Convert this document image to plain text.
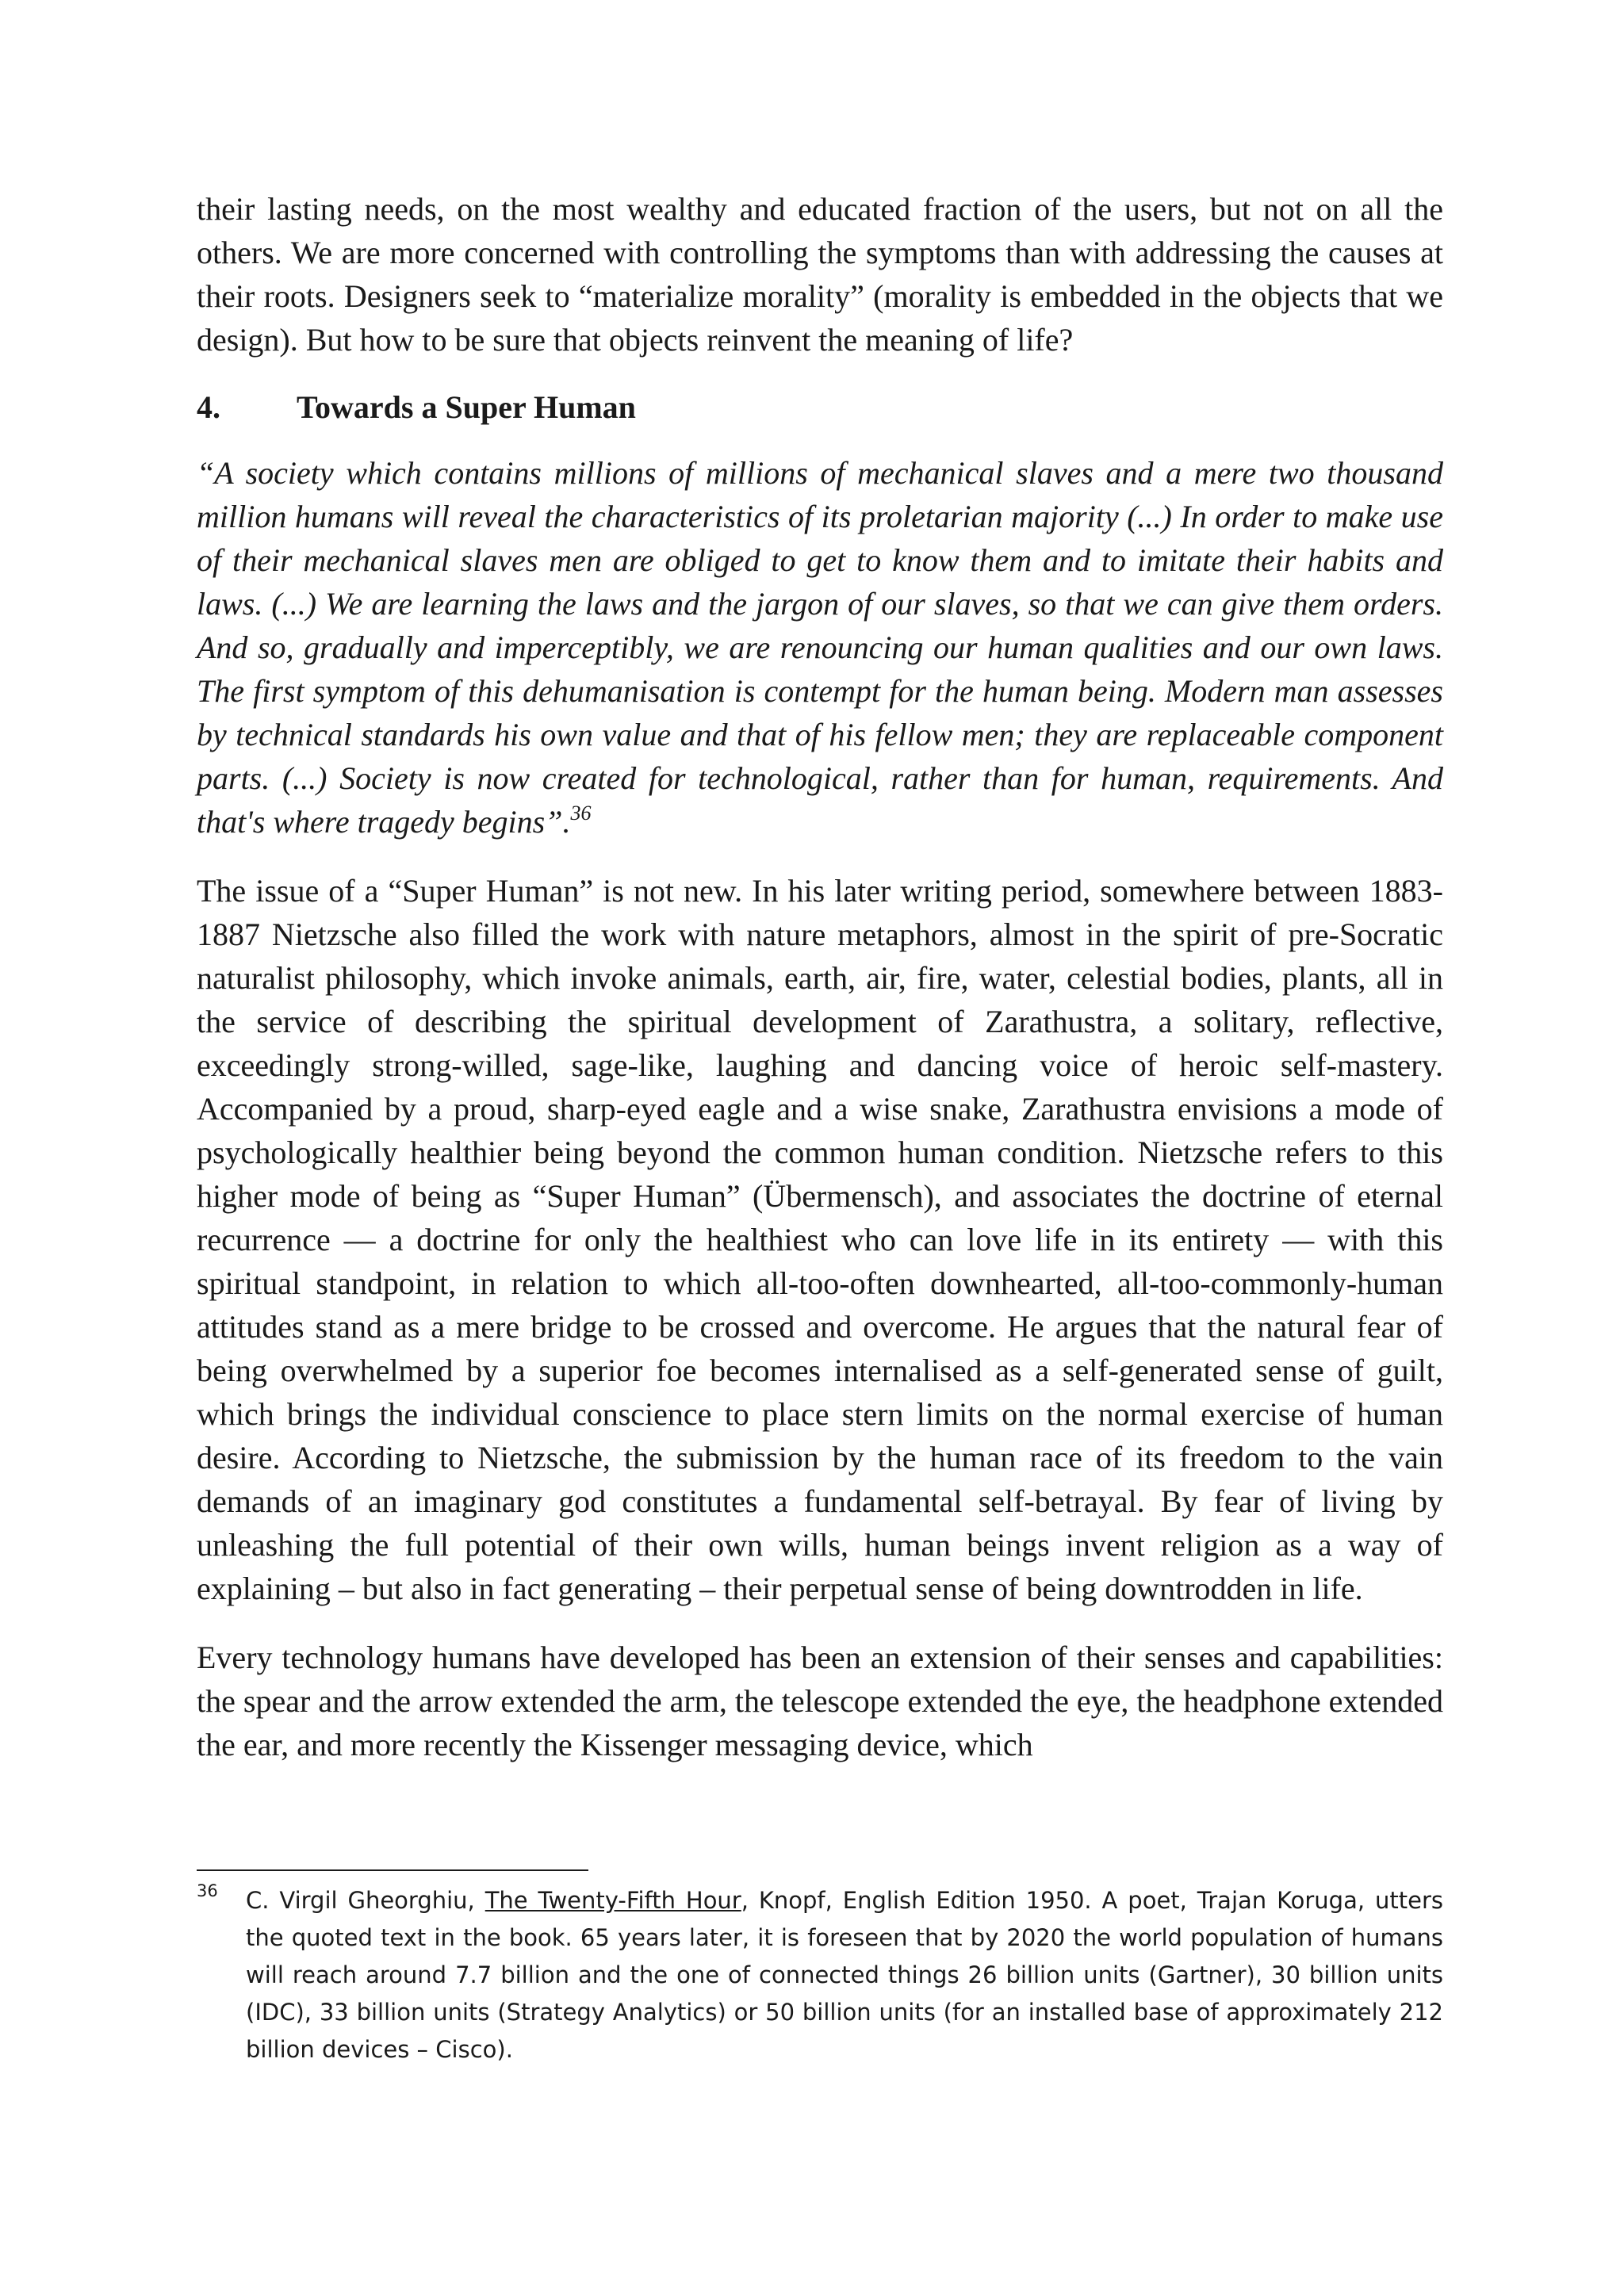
their lasting needs, on the most wealthy and educated fraction of the users, but not on all the others. We are more concerned with controlling the symptoms than with addressing the causes at their roots. Designers seek to “materialize morality” (morality is embedded in the objects that we design). But how to be sure that objects reinvent the meaning of life?

4. Towards a Super Human

“A society which contains millions of millions of mechanical slaves and a mere two thousand million humans will reveal the characteristics of its proletarian majority (...) In order to make use of their mechanical slaves men are obliged to get to know them and to imitate their habits and laws. (...) We are learning the laws and the jargon of our slaves, so that we can give them orders. And so, gradually and imperceptibly, we are renouncing our human qualities and our own laws. The first symptom of this dehumanisation is contempt for the human being. Modern man assesses by technical standards his own value and that of his fellow men; they are replaceable component parts. (...) Society is now created for technological, rather than for human, requirements. And that's where tragedy begins”.$^{36}$

The issue of a “Super Human” is not new. In his later writing period, somewhere between 1883-1887 Nietzsche also filled the work with nature metaphors, almost in the spirit of pre-Socratic naturalist philosophy, which invoke animals, earth, air, fire, water, celestial bodies, plants, all in the service of describing the spiritual development of Zarathustra, a solitary, reflective, exceedingly strong-willed, sage-like, laughing and dancing voice of heroic self-mastery. Accompanied by a proud, sharp-eyed eagle and a wise snake, Zarathustra envisions a mode of psychologically healthier being beyond the common human condition. Nietzsche refers to this higher mode of being as “Super Human” (Übermensch), and associates the doctrine of eternal recurrence — a doctrine for only the healthiest who can love life in its entirety — with this spiritual standpoint, in relation to which all-too-often downhearted, all-too-commonly-human attitudes stand as a mere bridge to be crossed and overcome. He argues that the natural fear of being overwhelmed by a superior foe becomes internalised as a self-generated sense of guilt, which brings the individual conscience to place stern limits on the normal exercise of human desire. According to Nietzsche, the submission by the human race of its freedom to the vain demands of an imaginary god constitutes a fundamental self-betrayal. By fear of living by unleashing the full potential of their own wills, human beings invent religion as a way of explaining – but also in fact generating – their perpetual sense of being downtrodden in life.

Every technology humans have developed has been an extension of their senses and capabilities: the spear and the arrow extended the arm, the telescope extended the eye, the headphone extended the ear, and more recently the Kissenger messaging device, which

36 C. Virgil Gheorghiu, The Twenty-Fifth Hour, Knopf, English Edition 1950. A poet, Trajan Koruga, utters the quoted text in the book. 65 years later, it is foreseen that by 2020 the world population of humans will reach around 7.7 billion and the one of connected things 26 billion units (Gartner), 30 billion units (IDC), 33 billion units (Strategy Analytics) or 50 billion units (for an installed base of approximately 212 billion devices – Cisco).
